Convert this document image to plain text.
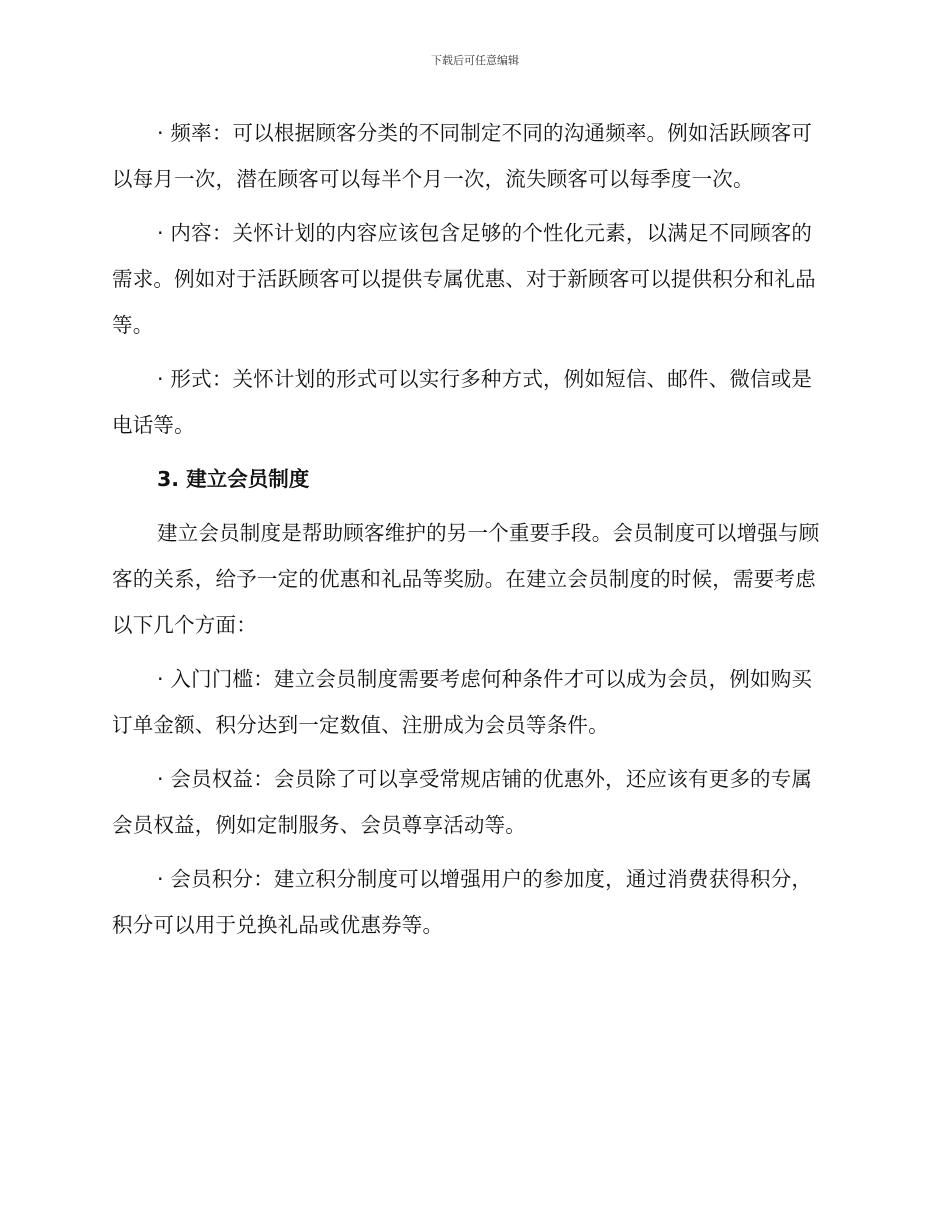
下载后可任意编辑

· 频率：可以根据顾客分类的不同制定不同的沟通频率。例如活跃顾客可以每月一次，潜在顾客可以每半个月一次，流失顾客可以每季度一次。

· 内容：关怀计划的内容应该包含足够的个性化元素，以满足不同顾客的需求。例如对于活跃顾客可以提供专属优惠、对于新顾客可以提供积分和礼品等。

· 形式：关怀计划的形式可以实行多种方式，例如短信、邮件、微信或是电话等。

3. 建立会员制度

建立会员制度是帮助顾客维护的另一个重要手段。会员制度可以增强与顾客的关系，给予一定的优惠和礼品等奖励。在建立会员制度的时候，需要考虑以下几个方面：

· 入门门槛：建立会员制度需要考虑何种条件才可以成为会员，例如购买订单金额、积分达到一定数值、注册成为会员等条件。

· 会员权益：会员除了可以享受常规店铺的优惠外，还应该有更多的专属会员权益，例如定制服务、会员尊享活动等。

· 会员积分：建立积分制度可以增强用户的参加度，通过消费获得积分，积分可以用于兑换礼品或优惠券等。
